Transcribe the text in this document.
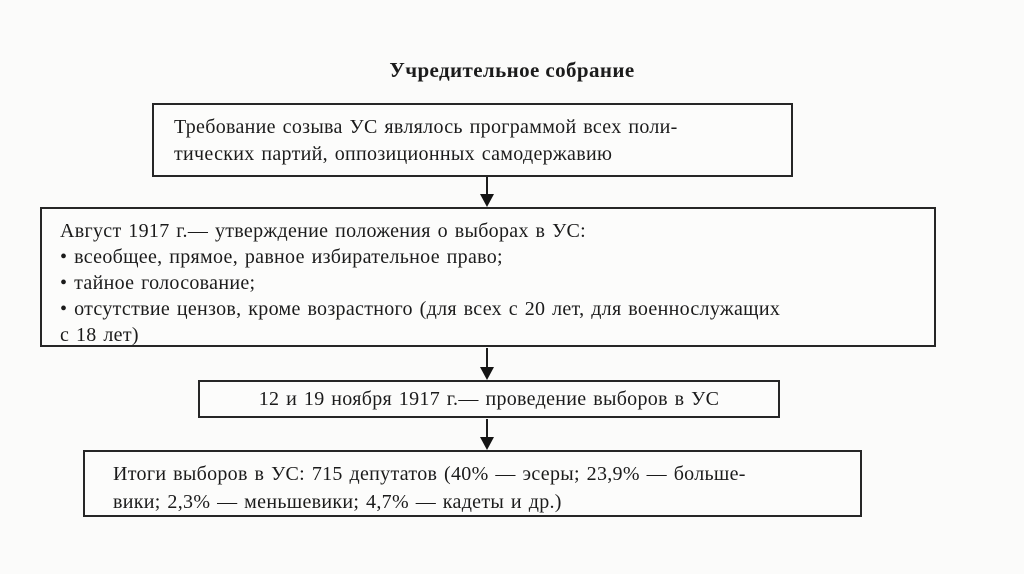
Учредительное собрание
Требование созыва УС являлось программой всех поли-
тических партий, оппозиционных самодержавию
Август 1917 г.— утверждение положения о выборах в УС:
• всеобщее, прямое, равное избирательное право;
• тайное голосование;
• отсутствие цензов, кроме возрастного (для всех с 20 лет, для военнослужащих
с 18 лет)
12 и 19 ноября 1917 г.— проведение выборов в УС
Итоги выборов в УС: 715 депутатов (40% — эсеры; 23,9% — больше-
вики; 2,3% — меньшевики; 4,7% — кадеты и др.)
